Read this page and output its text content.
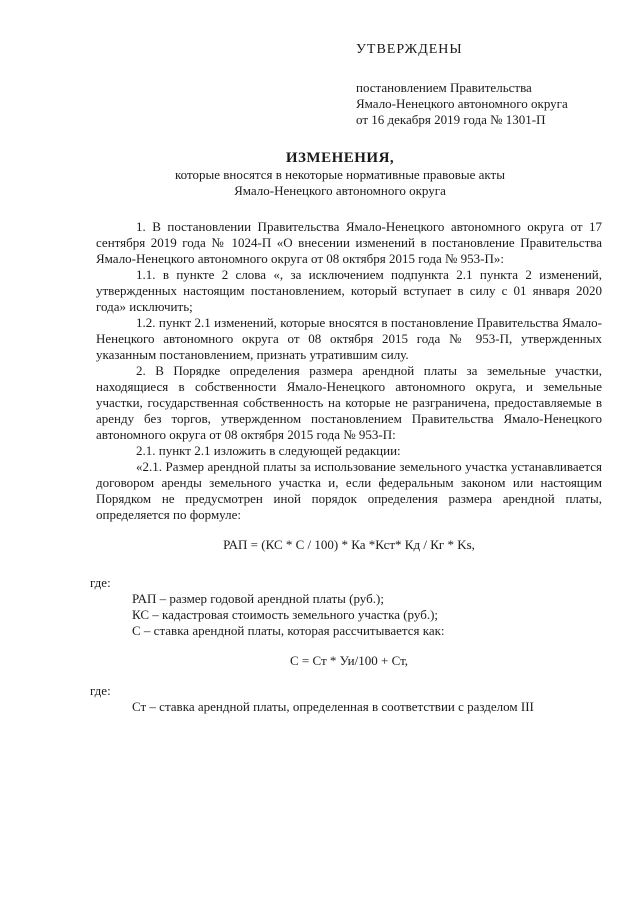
УТВЕРЖДЕНЫ
постановлением Правительства
Ямало-Ненецкого автономного округа
от 16 декабря 2019 года № 1301-П
ИЗМЕНЕНИЯ,
которые вносятся в некоторые нормативные правовые акты
Ямало-Ненецкого автономного округа

1. В постановлении Правительства Ямало-Ненецкого автономного округа от 17 сентября 2019 года № 1024-П «О внесении изменений в постановление Правительства Ямало-Ненецкого автономного округа от 08 октября 2015 года № 953-П»:

1.1. в пункте 2 слова «, за исключением подпункта 2.1 пункта 2 изменений, утвержденных настоящим постановлением, который вступает в силу с 01 января 2020 года» исключить;

1.2. пункт 2.1 изменений, которые вносятся в постановление Правительства Ямало-Ненецкого автономного округа от 08 октября 2015 года № 953-П, утвержденных указанным постановлением, признать утратившим силу.

2. В Порядке определения размера арендной платы за земельные участки, находящиеся в собственности Ямало-Ненецкого автономного округа, и земельные участки, государственная собственность на которые не разграничена, предоставляемые в аренду без торгов, утвержденном постановлением Правительства Ямало-Ненецкого автономного округа от 08 октября 2015 года № 953-П:

2.1. пункт 2.1 изложить в следующей редакции:

«2.1. Размер арендной платы за использование земельного участка устанавливается договором аренды земельного участка и, если федеральным законом или настоящим Порядком не предусмотрен иной порядок определения размера арендной платы, определяется по формуле:

РАП = (КС * С / 100) * Ка *Кст* Кд / Кг * Ks,

где:

РАП – размер годовой арендной платы (руб.);

КС – кадастровая стоимость земельного участка (руб.);

С – ставка арендной платы, которая рассчитывается как:

С = Ст * Уи/100 + Ст,

где:

Ст – ставка арендной платы, определенная в соответствии с разделом III
